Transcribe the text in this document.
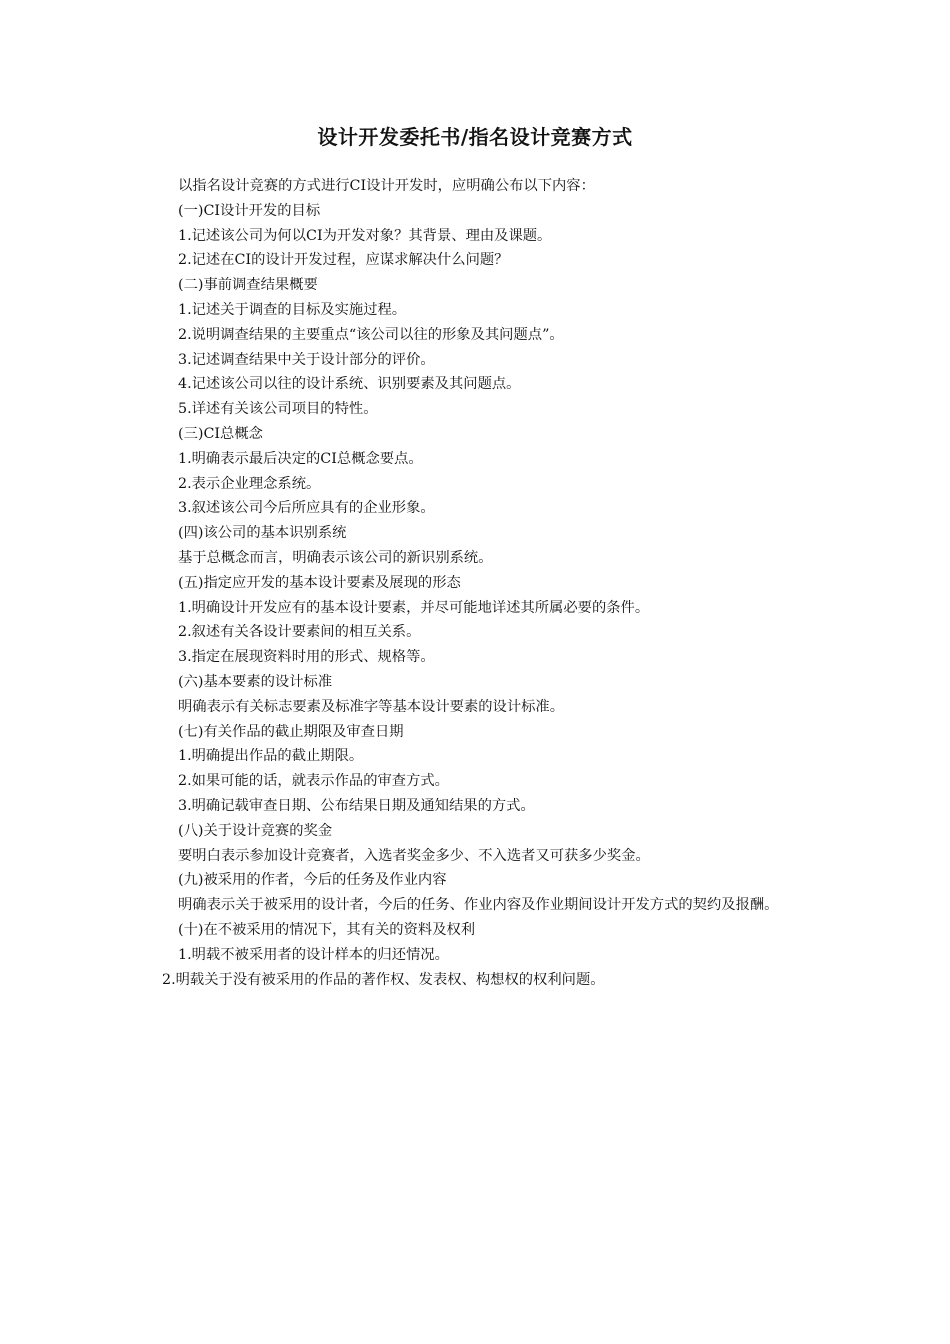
设计开发委托书/指名设计竞赛方式

以指名设计竞赛的方式进行CI设计开发时，应明确公布以下内容：

(一)CI设计开发的目标

1.记述该公司为何以CI为开发对象？其背景、理由及课题。

2.记述在CI的设计开发过程，应谋求解决什么问题？

(二)事前调查结果概要

1.记述关于调查的目标及实施过程。

2.说明调查结果的主要重点“该公司以往的形象及其问题点”。

3.记述调查结果中关于设计部分的评价。

4.记述该公司以往的设计系统、识别要素及其问题点。

5.详述有关该公司项目的特性。

(三)CI总概念

1.明确表示最后决定的CI总概念要点。

2.表示企业理念系统。

3.叙述该公司今后所应具有的企业形象。

(四)该公司的基本识别系统

基于总概念而言，明确表示该公司的新识别系统。

(五)指定应开发的基本设计要素及展现的形态

1.明确设计开发应有的基本设计要素，并尽可能地详述其所属必要的条件。

2.叙述有关各设计要素间的相互关系。

3.指定在展现资料时用的形式、规格等。

(六)基本要素的设计标准

明确表示有关标志要素及标准字等基本设计要素的设计标准。

(七)有关作品的截止期限及审查日期

1.明确提出作品的截止期限。

2.如果可能的话，就表示作品的审查方式。

3.明确记载审查日期、公布结果日期及通知结果的方式。

(八)关于设计竞赛的奖金

要明白表示参加设计竞赛者，入选者奖金多少、不入选者又可获多少奖金。

(九)被采用的作者，今后的任务及作业内容

明确表示关于被采用的设计者，今后的任务、作业内容及作业期间设计开发方式的契约及报酬。

(十)在不被采用的情况下，其有关的资料及权利

1.明载不被采用者的设计样本的归还情况。

2.明载关于没有被采用的作品的著作权、发表权、构想权的权利问题。
